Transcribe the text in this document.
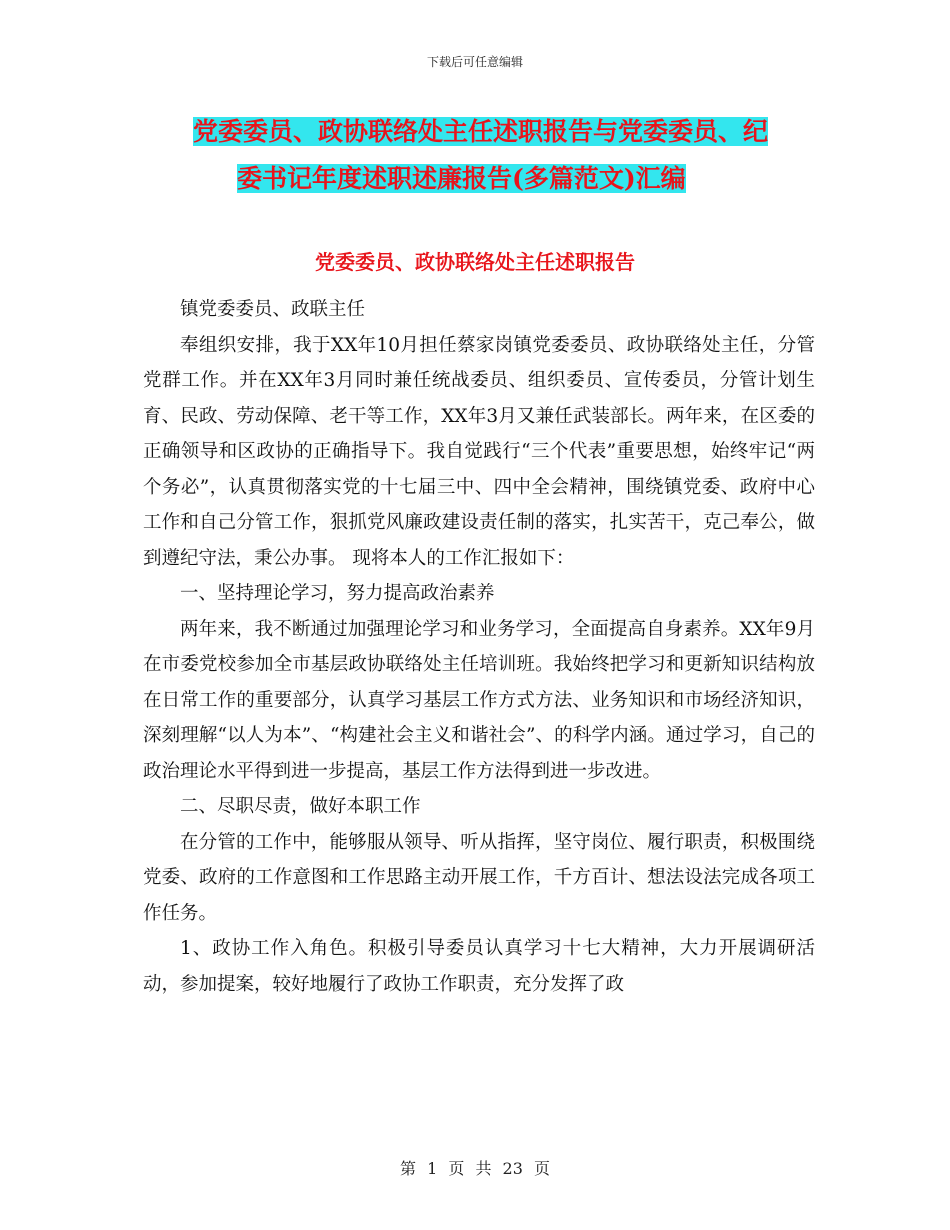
下载后可任意编辑
党委委员、政协联络处主任述职报告与党委委员、纪
委书记年度述职述廉报告(多篇范文)汇编
党委委员、政协联络处主任述职报告

镇党委委员、政联主任

奉组织安排，我于XX年10月担任蔡家岗镇党委委员、政协联络处主任，分管党群工作。并在XX年3月同时兼任统战委员、组织委员、宣传委员，分管计划生育、民政、劳动保障、老干等工作，XX年3月又兼任武装部长。两年来，在区委的正确领导和区政协的正确指导下。我自觉践行“三个代表”重要思想，始终牢记“两个务必”，认真贯彻落实党的十七届三中、四中全会精神，围绕镇党委、政府中心工作和自己分管工作，狠抓党风廉政建设责任制的落实，扎实苦干，克己奉公，做到遵纪守法，秉公办事。 现将本人的工作汇报如下：

一、坚持理论学习，努力提高政治素养

两年来，我不断通过加强理论学习和业务学习，全面提高自身素养。XX年9月在市委党校参加全市基层政协联络处主任培训班。我始终把学习和更新知识结构放在日常工作的重要部分，认真学习基层工作方式方法、业务知识和市场经济知识，深刻理解“以人为本”、“构建社会主义和谐社会”、的科学内涵。通过学习，自己的政治理论水平得到进一步提高，基层工作方法得到进一步改进。

二、尽职尽责，做好本职工作

在分管的工作中，能够服从领导、听从指挥，坚守岗位、履行职责，积极围绕党委、政府的工作意图和工作思路主动开展工作，千方百计、想法设法完成各项工作任务。

1、政协工作入角色。积极引导委员认真学习十七大精神，大力开展调研活动，参加提案，较好地履行了政协工作职责，充分发挥了政

第 1 页 共 23 页
